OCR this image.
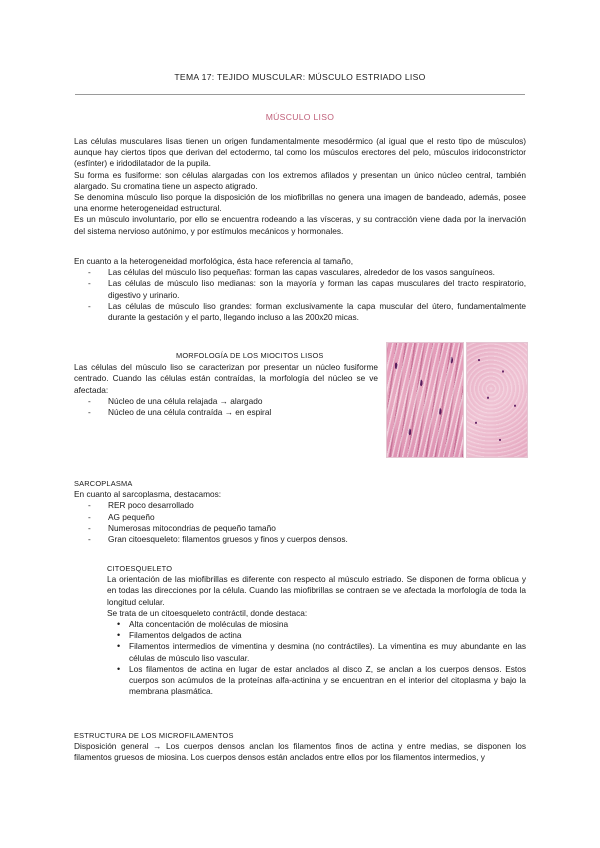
TEMA 17: TEJIDO MUSCULAR: MÚSCULO ESTRIADO LISO
MÚSCULO LISO

Las células musculares lisas tienen un origen fundamentalmente mesodérmico (al igual que el resto tipo de músculos) aunque hay ciertos tipos que derivan del ectodermo, tal como los músculos erectores del pelo, músculos iridoconstrictor (esfínter) e iridodilatador de la pupila.

Su forma es fusiforme: son células alargadas con los extremos afilados y presentan un único núcleo central, también alargado. Su cromatina tiene un aspecto atigrado.

Se denomina músculo liso porque la disposición de los miofibrillas no genera una imagen de bandeado, además, posee una enorme heterogeneidad estructural.

Es un músculo involuntario, por ello se encuentra rodeando a las vísceras, y su contracción viene dada por la inervación del sistema nervioso autónimo, y por estímulos mecánicos y hormonales.

En cuanto a la heterogeneidad morfológica, ésta hace referencia al tamaño,

- Las células del músculo liso pequeñas: forman las capas vasculares, alrededor de los vasos sanguíneos.
- Las células de músculo liso medianas: son la mayoría y forman las capas musculares del tracto respiratorio, digestivo y urinario.
- Las células de músculo liso grandes: forman exclusivamente la capa muscular del útero, fundamentalmente durante la gestación y el parto, llegando incluso a las 200x20 micas.

MORFOLOGÍA DE LOS MIOCITOS LISOS

Las células del músculo liso se caracterizan por presentar un núcleo fusiforme centrado. Cuando las células están contraídas, la morfología del núcleo se ve afectada:

- Núcleo de una célula relajada → alargado
- Núcleo de una célula contraída → en espiral

SARCOPLASMA

En cuanto al sarcoplasma, destacamos:

- RER poco desarrollado
- AG pequeño
- Numerosas mitocondrias de pequeño tamaño
- Gran citoesqueleto: filamentos gruesos y finos y cuerpos densos.

CITOESQUELETO

La orientación de las miofibrillas es diferente con respecto al músculo estriado. Se disponen de forma oblicua y en todas las direcciones por la célula. Cuando las miofibrillas se contraen se ve afectada la morfología de toda la longitud celular.

Se trata de un citoesqueleto contráctil, donde destaca:

• Alta concentación de moléculas de miosina
• Filamentos delgados de actina
• Filamentos intermedios de vimentina y desmina (no contráctiles). La vimentina es muy abundante en las células de músculo liso vascular.
• Los filamentos de actina en lugar de estar anclados al disco Z, se anclan a los cuerpos densos. Estos cuerpos son acúmulos de la proteínas alfa-actinina y se encuentran en el interior del citoplasma y bajo la membrana plasmática.

ESTRUCTURA DE LOS MICROFILAMENTOS

Disposición general → Los cuerpos densos anclan los filamentos finos de actina y entre medias, se disponen los filamentos gruesos de miosina. Los cuerpos densos están anclados entre ellos por los filamentos intermedios, y
